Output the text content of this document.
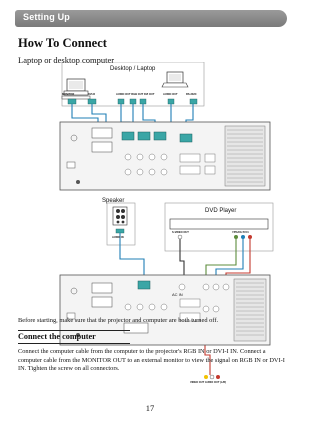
Setting Up
How To Connect
Laptop or desktop computer
Desktop / Laptop
MONITOR	DVI-D	AUDIO OUT RGB OUT DVI OUT	AUDIO OUT	RS-232C
Speaker
DVD Player
AUDIO IN
S-VIDEO OUT	Y/Pb/Cb Pr/Cr
AC IN
VIDEO OUT AUDIO OUT (L/R)
Before starting, make sure that the projector and computer are both turned off.
Connect the computer
Connect the computer cable from the computer to the projector's RGB IN or DVI-I IN. Connect a computer cable from the MONITOR OUT to an external monitor to view the signal on RGB IN or DVI-I IN. Tighten the screw on all connectors.
17
